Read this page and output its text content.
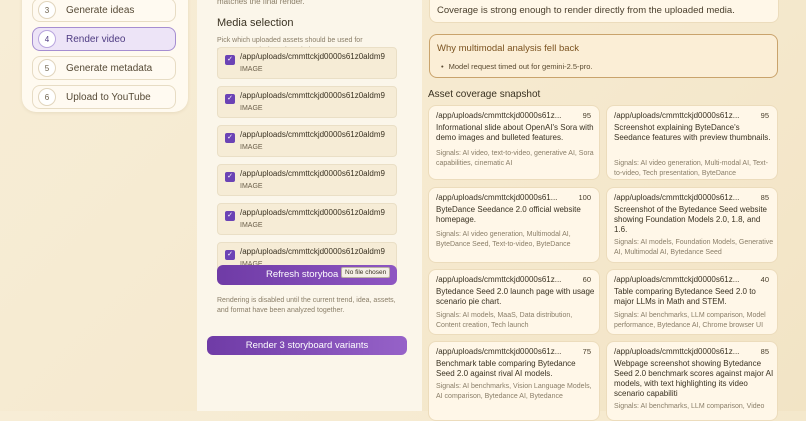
3	Generate ideas
4	Render video
5	Generate metadata
6	Upload to YouTube
matches the final render.
Media selection
Pick which uploaded assets should be used for
✓ /app/uploads/cmmttckjd0000s61z0aldm9
IMAGE
✓ /app/uploads/cmmttckjd0000s61z0aldm9
IMAGE
✓ /app/uploads/cmmttckjd0000s61z0aldm9
IMAGE
✓ /app/uploads/cmmttckjd0000s61z0aldm9
IMAGE
✓ /app/uploads/cmmttckjd0000s61z0aldm9
IMAGE
✓ /app/uploads/cmmttckjd0000s61z0aldm9
Refresh storyboa	No file chosen
Rendering is disabled until the current trend, idea, assets, and format have been analyzed together.
Render 3 storyboard variants
Coverage is strong enough to render directly from the uploaded media.
Why multimodal analysis fell back
• Model request timed out for gemini-2.5-pro.
Asset coverage snapshot
/app/uploads/cmmttckjd0000s61z...	95
Informational slide about OpenAI's Sora with demo images and bulleted features.
Signals: AI video, text-to-video, generative AI, Sora capabilities, cinematic AI
/app/uploads/cmmttckjd0000s61z...	95
Screenshot explaining ByteDance's Seedance features with preview thumbnails.
Signals: AI video generation, Multi-modal AI, Text-to-video, Tech presentation, ByteDance
/app/uploads/cmmttckjd0000s61...	100
ByteDance Seedance 2.0 official website homepage.
Signals: AI video generation, Multimodal AI, ByteDance Seed, Text-to-video, ByteDance
/app/uploads/cmmttckjd0000s61z...	85
Screenshot of the Bytedance Seed website showing Foundation Models 2.0, 1.8, and 1.6.
Signals: AI models, Foundation Models, Generative AI, Multimodal AI, Bytedance Seed
/app/uploads/cmmttckjd0000s61z...	60
Bytedance Seed 2.0 launch page with usage scenario pie chart.
Signals: AI models, MaaS, Data distribution, Content creation, Tech launch
/app/uploads/cmmttckjd0000s61z...	40
Table comparing Bytedance Seed 2.0 to major LLMs in Math and STEM.
Signals: AI benchmarks, LLM comparison, Model performance, Bytedance AI, Chrome browser UI
/app/uploads/cmmttckjd0000s61z...	75
Benchmark table comparing Bytedance Seed 2.0 against rival AI models.
Signals: AI benchmarks, Vision Language Models, AI comparison, Bytedance AI, Bytedance
/app/uploads/cmmttckjd0000s61z...	85
Webpage screenshot showing Bytedance Seed 2.0 benchmark scores against major AI models, with text highlighting its video scenario capabiliti
Signals: AI benchmarks, LLM comparison, Video
